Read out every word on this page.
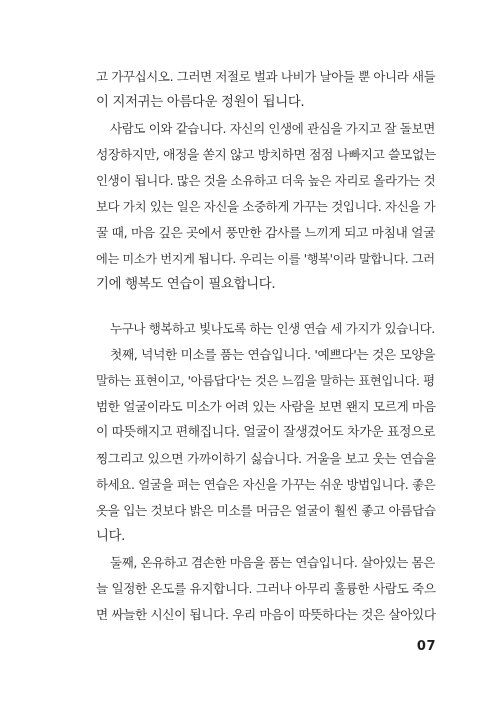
고 가꾸십시오. 그러면 저절로 벌과 나비가 날아들 뿐 아니라 새들
이 지저귀는 아름다운 정원이 됩니다.
사람도 이와 같습니다. 자신의 인생에 관심을 가지고 잘 돌보면
성장하지만, 애정을 쏟지 않고 방치하면 점점 나빠지고 쓸모없는
인생이 됩니다. 많은 것을 소유하고 더욱 높은 자리로 올라가는 것
보다 가치 있는 일은 자신을 소중하게 가꾸는 것입니다. 자신을 가
꿀 때, 마음 깊은 곳에서 풍만한 감사를 느끼게 되고 마침내 얼굴
에는 미소가 번지게 됩니다. 우리는 이를 '행복'이라 말합니다. 그러
기에 행복도 연습이 필요합니다.
누구나 행복하고 빛나도록 하는 인생 연습 세 가지가 있습니다.
첫째, 넉넉한 미소를 품는 연습입니다. '예쁘다'는 것은 모양을
말하는 표현이고, '아름답다'는 것은 느낌을 말하는 표현입니다. 평
범한 얼굴이라도 미소가 어려 있는 사람을 보면 왠지 모르게 마음
이 따뜻해지고 편해집니다. 얼굴이 잘생겼어도 차가운 표정으로
찡그리고 있으면 가까이하기 싫습니다. 거울을 보고 웃는 연습을
하세요. 얼굴을 펴는 연습은 자신을 가꾸는 쉬운 방법입니다. 좋은
옷을 입는 것보다 밝은 미소를 머금은 얼굴이 훨씬 좋고 아름답습
니다.
둘째, 온유하고 겸손한 마음을 품는 연습입니다. 살아있는 몸은
늘 일정한 온도를 유지합니다. 그러나 아무리 훌륭한 사람도 죽으
면 싸늘한 시신이 됩니다. 우리 마음이 따뜻하다는 것은 살아있다
07
